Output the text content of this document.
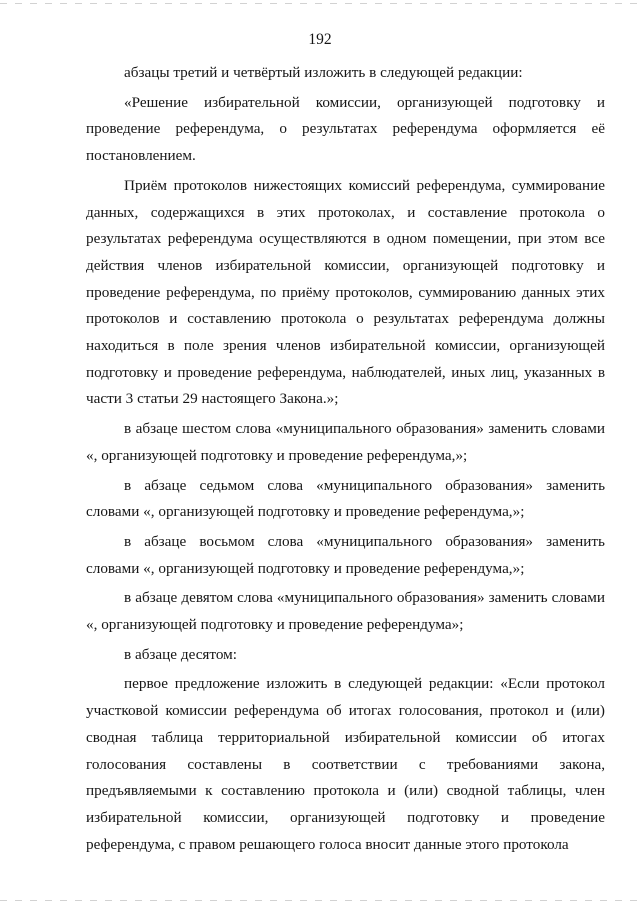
192

абзацы третий и четвёртый изложить в следующей редакции:

«Решение избирательной комиссии, организующей подготовку и проведение референдума, о результатах референдума оформляется её постановлением.

Приём протоколов нижестоящих комиссий референдума, суммирование данных, содержащихся в этих протоколах, и составление протокола о результатах референдума осуществляются в одном помещении, при этом все действия членов избирательной комиссии, организующей подготовку и проведение референдума, по приёму протоколов, суммированию данных этих протоколов и составлению протокола о результатах референдума должны находиться в поле зрения членов избирательной комиссии, организующей подготовку и проведение референдума, наблюдателей, иных лиц, указанных в части 3 статьи 29 настоящего Закона.»;

в абзаце шестом слова «муниципального образования» заменить словами «, организующей подготовку и проведение референдума,»;

в абзаце седьмом слова «муниципального образования» заменить словами «, организующей подготовку и проведение референдума,»;

в абзаце восьмом слова «муниципального образования» заменить словами «, организующей подготовку и проведение референдума,»;

в абзаце девятом слова «муниципального образования» заменить словами «, организующей подготовку и проведение референдума»;

в абзаце десятом:

первое предложение изложить в следующей редакции: «Если протокол участковой комиссии референдума об итогах голосования, протокол и (или) сводная таблица территориальной избирательной комиссии об итогах голосования составлены в соответствии с требованиями закона, предъявляемыми к составлению протокола и (или) сводной таблицы, член избирательной комиссии, организующей подготовку и проведение референдума, с правом решающего голоса вносит данные этого протокола
